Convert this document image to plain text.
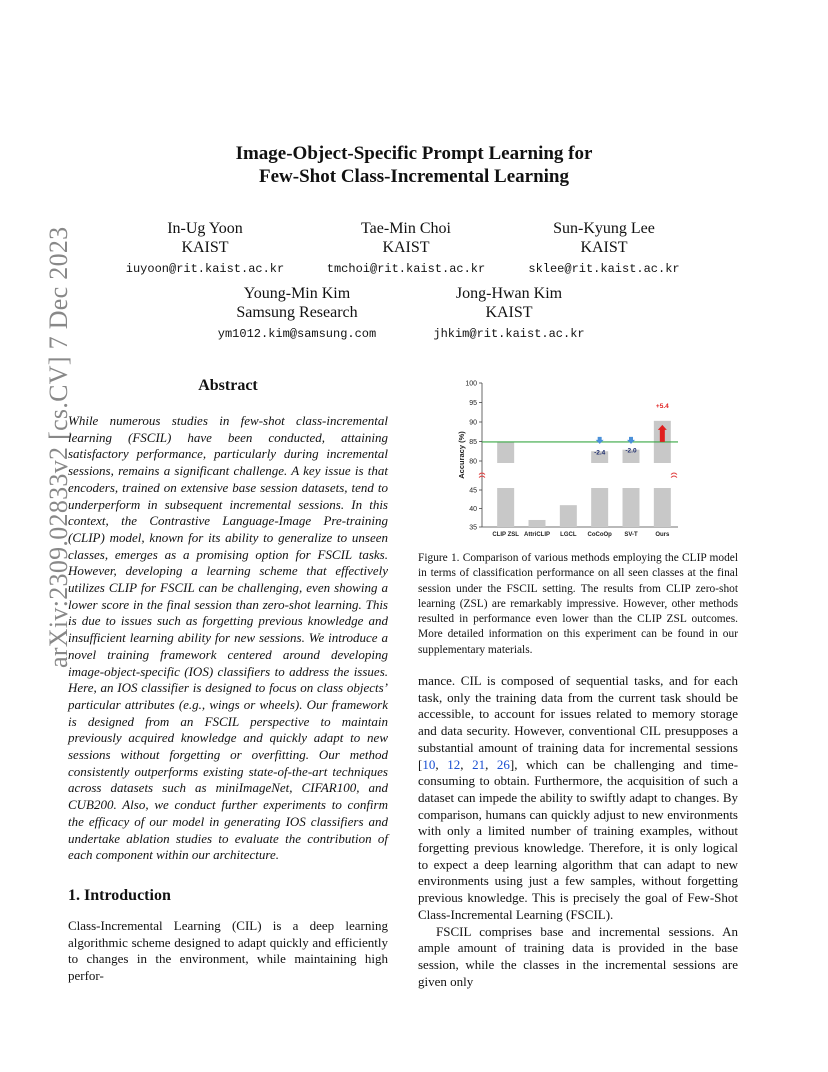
Image-Object-Specific Prompt Learning for
Few-Shot Class-Incremental Learning
In-Ug Yoon
KAIST
iuyoon@rit.kaist.ac.kr
Tae-Min Choi
KAIST
tmchoi@rit.kaist.ac.kr
Sun-Kyung Lee
KAIST
sklee@rit.kaist.ac.kr
Young-Min Kim
Samsung Research
ym1012.kim@samsung.com
Jong-Hwan Kim
KAIST
jhkim@rit.kaist.ac.kr
arXiv:2309.02833v2 [cs.CV] 7 Dec 2023	Abstract
While numerous studies in few-shot class-incremental learning (FSCIL) have been conducted, attaining satisfactory performance, particularly during incremental sessions, remains a significant challenge. A key issue is that encoders, trained on extensive base session datasets, tend to underperform in subsequent incremental sessions. In this context, the Contrastive Language-Image Pre-training (CLIP) model, known for its ability to generalize to unseen classes, emerges as a promising option for FSCIL tasks. However, developing a learning scheme that effectively utilizes CLIP for FSCIL can be challenging, even showing a lower score in the final session than zero-shot learning. This is due to issues such as forgetting previous knowledge and insufficient learning ability for new sessions. We introduce a novel training framework centered around developing image-object-specific (IOS) classifiers to address the issues. Here, an IOS classifier is designed to focus on class objects’ particular attributes (e.g., wings or wheels). Our framework is designed from an FSCIL perspective to maintain previously acquired knowledge and quickly adapt to new sessions without forgetting or overfitting. Our method consistently outperforms existing state-of-the-art techniques across datasets such as miniImageNet, CIFAR100, and CUB200. Also, we conduct further experiments to confirm the efficacy of our model in generating IOS classifiers and undertake ablation studies to evaluate the contribution of each component within our architecture.
1. Introduction
Class-Incremental Learning (CIL) is a deep learning algorithmic scheme designed to adapt quickly and efficiently to changes in the environment, while maintaining high perfor-
35
40
45
80
85
90
95
100
Accuracy (%)
CLIP ZSL AttriCLIP LGCL CoCoOp SV-T	Ours
-2.4	-2.0
+5.4
Figure 1. Comparison of various methods employing the CLIP model in terms of classification performance on all seen classes at the final session under the FSCIL setting. The results from CLIP zero-shot learning (ZSL) are remarkably impressive. However, other methods resulted in performance even lower than the CLIP ZSL outcomes. More detailed information on this experiment can be found in our supplementary materials.
mance. CIL is composed of sequential tasks, and for each task, only the training data from the current task should be accessible, to account for issues related to memory storage and data security. However, conventional CIL presupposes a substantial amount of training data for incremental sessions [10, 12, 21, 26], which can be challenging and time-consuming to obtain. Furthermore, the acquisition of such a dataset can impede the ability to swiftly adapt to changes. By comparison, humans can quickly adjust to new environments with only a limited number of training examples, without forgetting previous knowledge. Therefore, it is only logical to expect a deep learning algorithm that can adapt to new environments using just a few samples, without forgetting previous knowledge. This is precisely the goal of Few-Shot Class-Incremental Learning (FSCIL).
FSCIL comprises base and incremental sessions. An ample amount of training data is provided in the base session, while the classes in the incremental sessions are given only
